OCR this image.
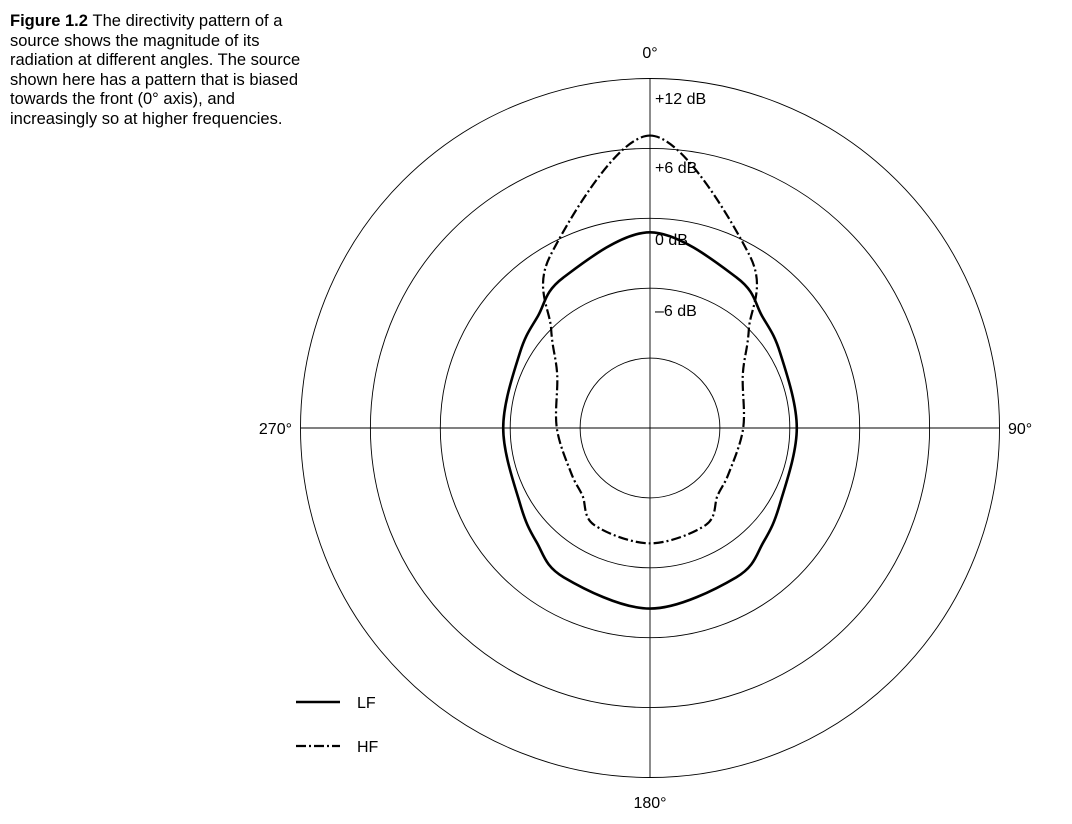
Figure 1.2 The directivity pattern of a source shows the magnitude of its radiation at different angles. The source shown here has a pattern that is biased towards the front (0° axis), and increasingly so at higher frequencies.
0°
90°
180°
270°
+12 dB
+6 dB
0 dB
–6 dB
LF
HF
